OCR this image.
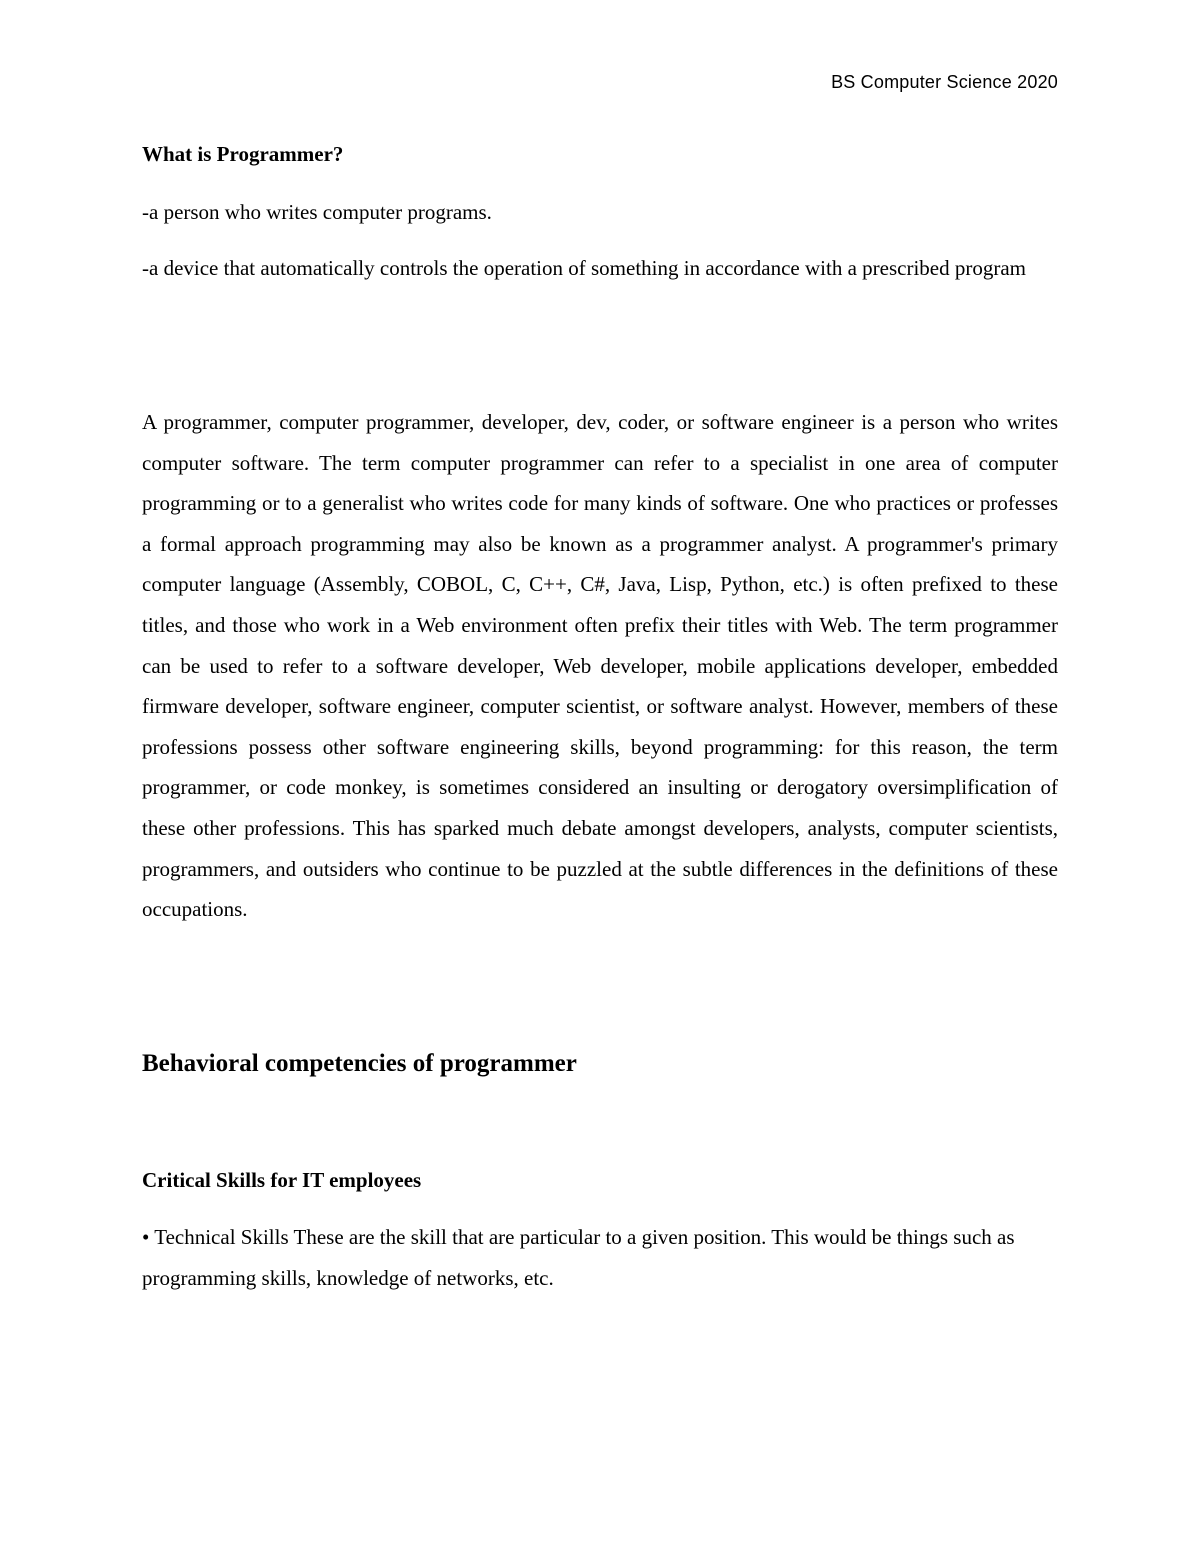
BS Computer Science 2020
What is Programmer?

-a person who writes computer programs.

-a device that automatically controls the operation of something in accordance with a prescribed program

A programmer, computer programmer, developer, dev, coder, or software engineer is a person who writes computer software. The term computer programmer can refer to a specialist in one area of computer programming or to a generalist who writes code for many kinds of software. One who practices or professes a formal approach programming may also be known as a programmer analyst. A programmer's primary computer language (Assembly, COBOL, C, C++, C#, Java, Lisp, Python, etc.) is often prefixed to these titles, and those who work in a Web environment often prefix their titles with Web. The term programmer can be used to refer to a software developer, Web developer, mobile applications developer, embedded firmware developer, software engineer, computer scientist, or software analyst. However, members of these professions possess other software engineering skills, beyond programming: for this reason, the term programmer, or code monkey, is sometimes considered an insulting or derogatory oversimplification of these other professions. This has sparked much debate amongst developers, analysts, computer scientists, programmers, and outsiders who continue to be puzzled at the subtle differences in the definitions of these occupations.

Behavioral competencies of programmer
Critical Skills for IT employees

• Technical Skills These are the skill that are particular to a given position. This would be things such as programming skills, knowledge of networks, etc.
